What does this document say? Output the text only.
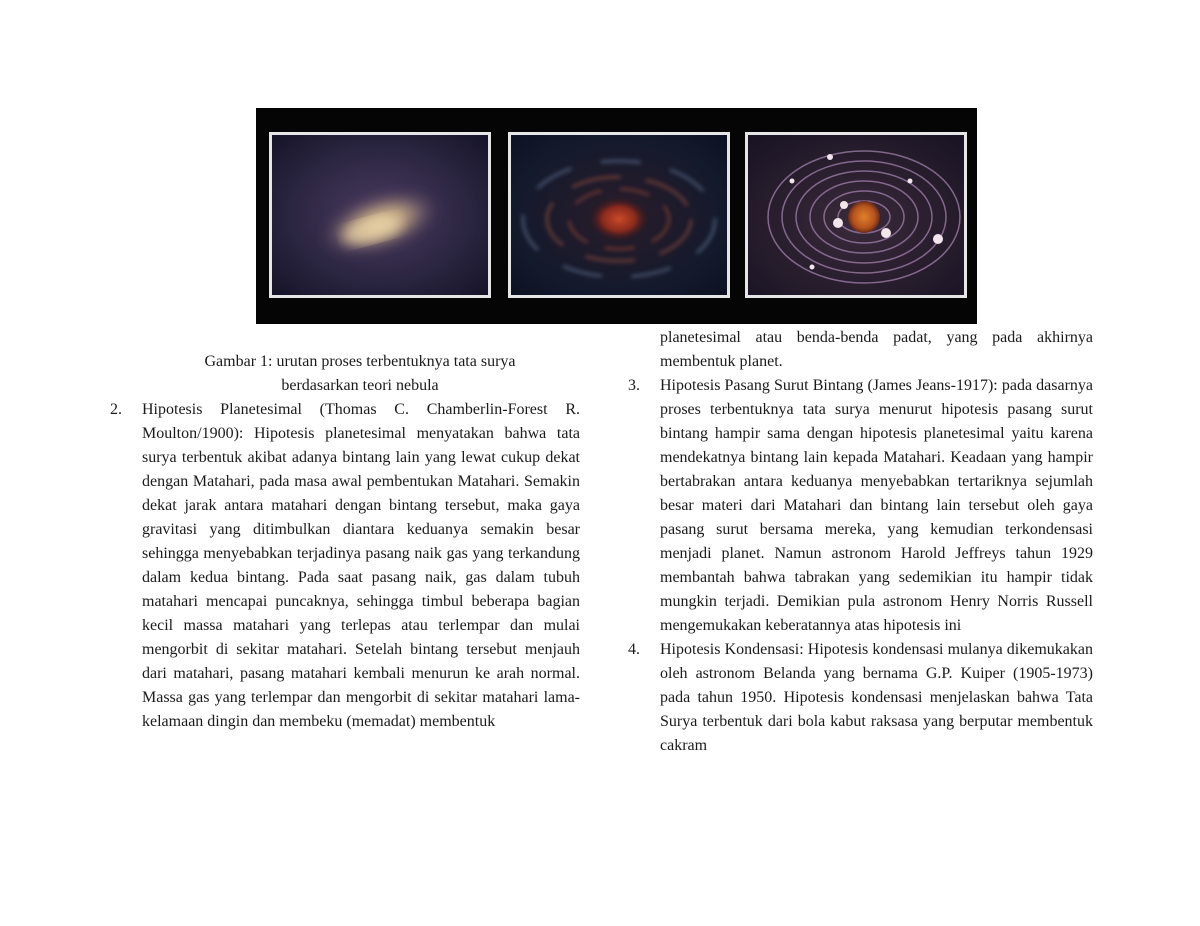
Gambar 1: urutan proses terbentuknya tata surya
berdasarkan teori nebula
2. Hipotesis Planetesimal (Thomas C. Chamberlin-Forest R. Moulton/1900): Hipotesis planetesimal menyatakan bahwa tata surya terbentuk akibat adanya bintang lain yang lewat cukup dekat dengan Matahari, pada masa awal pembentukan Matahari. Semakin dekat jarak antara matahari dengan bintang tersebut, maka gaya gravitasi yang ditimbulkan diantara keduanya semakin besar sehingga menyebabkan terjadinya pasang naik gas yang terkandung dalam kedua bintang. Pada saat pasang naik, gas dalam tubuh matahari mencapai puncaknya, sehingga timbul beberapa bagian kecil massa matahari yang terlepas atau terlempar dan mulai mengorbit di sekitar matahari. Setelah bintang tersebut menjauh dari matahari, pasang matahari kembali menurun ke arah normal. Massa gas yang terlempar dan mengorbit di sekitar matahari lama-kelamaan dingin dan membeku (memadat) membentuk
planetesimal atau benda-benda padat, yang pada akhirnya membentuk planet.
3. Hipotesis Pasang Surut Bintang (James Jeans-1917): pada dasarnya proses terbentuknya tata surya menurut hipotesis pasang surut bintang hampir sama dengan hipotesis planetesimal yaitu karena mendekatnya bintang lain kepada Matahari. Keadaan yang hampir bertabrakan antara keduanya menyebabkan tertariknya sejumlah besar materi dari Matahari dan bintang lain tersebut oleh gaya pasang surut bersama mereka, yang kemudian terkondensasi menjadi planet. Namun astronom Harold Jeffreys tahun 1929 membantah bahwa tabrakan yang sedemikian itu hampir tidak mungkin terjadi. Demikian pula astronom Henry Norris Russell mengemukakan keberatannya atas hipotesis ini
4. Hipotesis Kondensasi: Hipotesis kondensasi mulanya dikemukakan oleh astronom Belanda yang bernama G.P. Kuiper (1905-1973) pada tahun 1950. Hipotesis kondensasi menjelaskan bahwa Tata Surya terbentuk dari bola kabut raksasa yang berputar membentuk cakram
